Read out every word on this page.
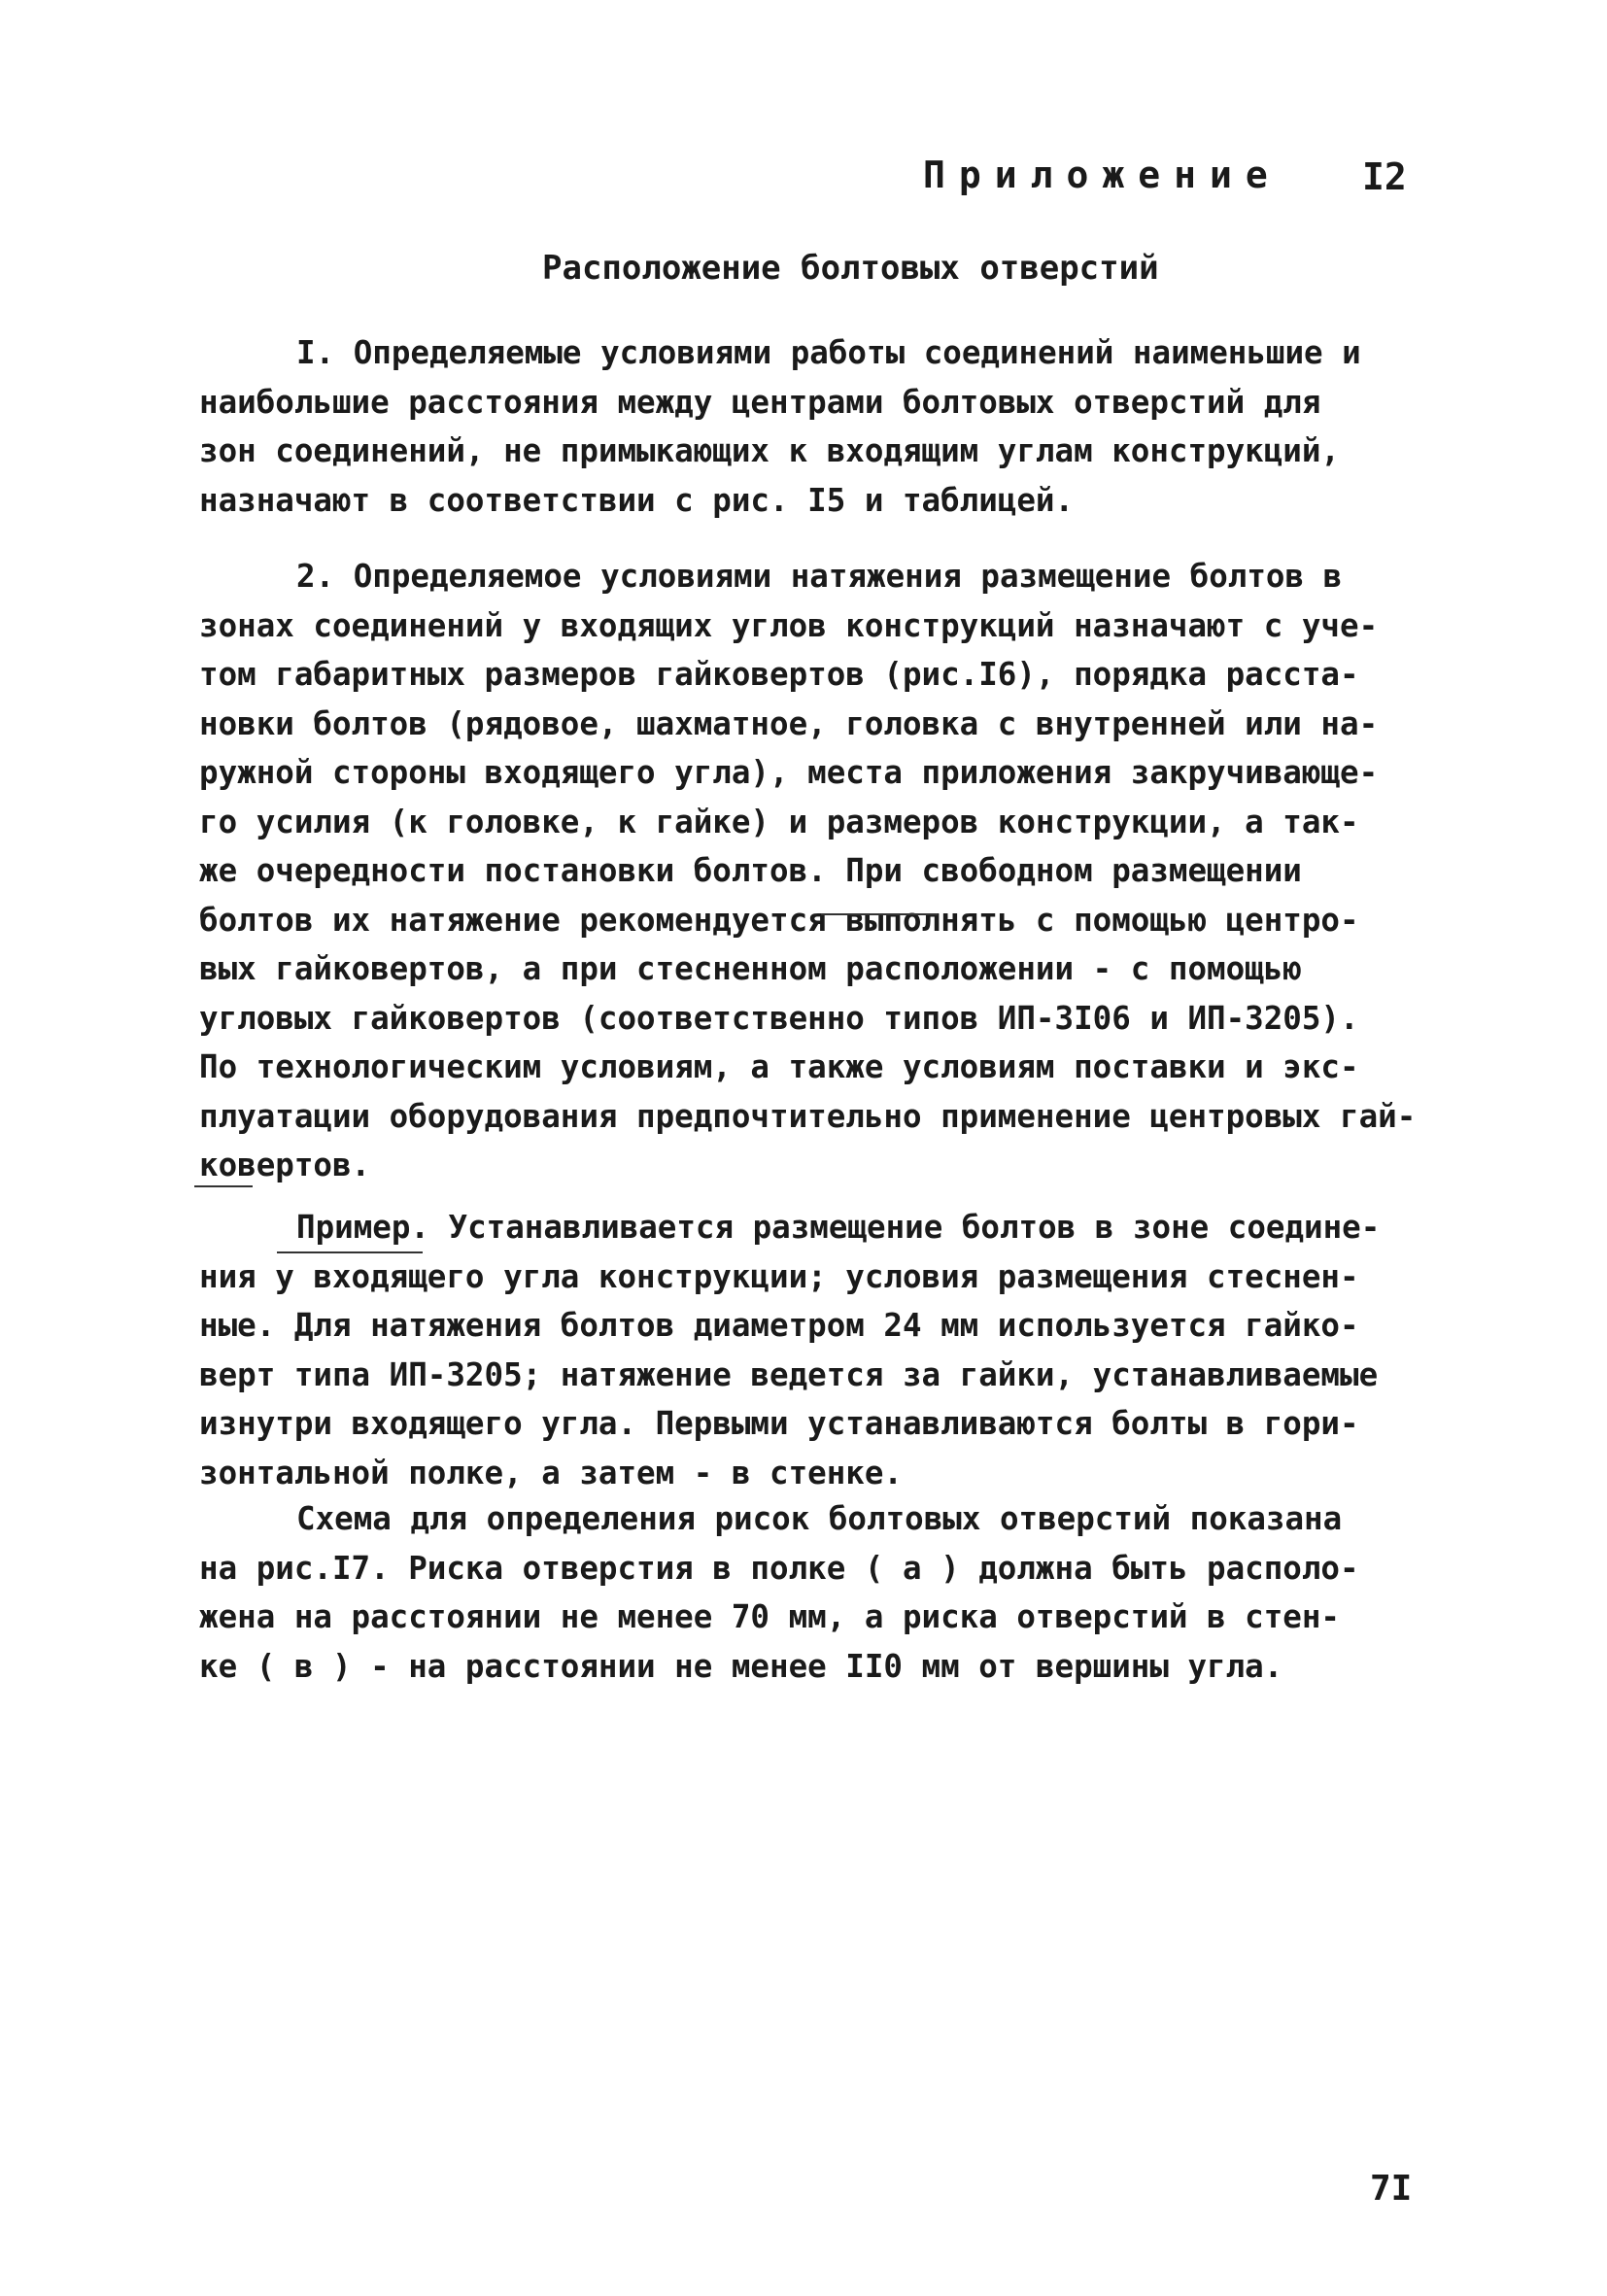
Приложение I2
Расположение болтовых отверстий
I. Определяемые условиями работы соединений наименьшие и
наибольшие расстояния между центрами болтовых отверстий для
зон соединений, не примыкающих к входящим углам конструкций,
назначают в соответствии с рис. I5 и таблицей.
2. Определяемое условиями натяжения размещение болтов в
зонах соединений у входящих углов конструкций назначают с уче-
том габаритных размеров гайковертов (рис.I6), порядка расста-
новки болтов (рядовое, шахматное, головка с внутренней или на-
ружной стороны входящего угла), места приложения закручивающе-
го усилия (к головке, к гайке) и размеров конструкции, а так-
же очередности постановки болтов. При свободном размещении
болтов их натяжение рекомендуется выполнять с помощью центро-
вых гайковертов, а при стесненном расположении - с помощью
угловых гайковертов (соответственно типов ИП-3I06 и ИП-3205).
По технологическим условиям, а также условиям поставки и экс-
плуатации оборудования предпочтительно применение центровых гай-
ковертов.
Пример. Устанавливается размещение болтов в зоне соедине-
ния у входящего угла конструкции; условия размещения стеснен-
ные. Для натяжения болтов диаметром 24 мм используется гайко-
верт типа ИП-3205; натяжение ведется за гайки, устанавливаемые
изнутри входящего угла. Первыми устанавливаются болты в гори-
зонтальной полке, а затем - в стенке.
Схема для определения рисок болтовых отверстий показана
на рис.I7. Риска отверстия в полке ( a ) должна быть располо-
жена на расстоянии не менее 70 мм, а риска отверстий в стен-
ке ( в ) - на расстоянии не менее II0 мм от вершины угла.
7I
